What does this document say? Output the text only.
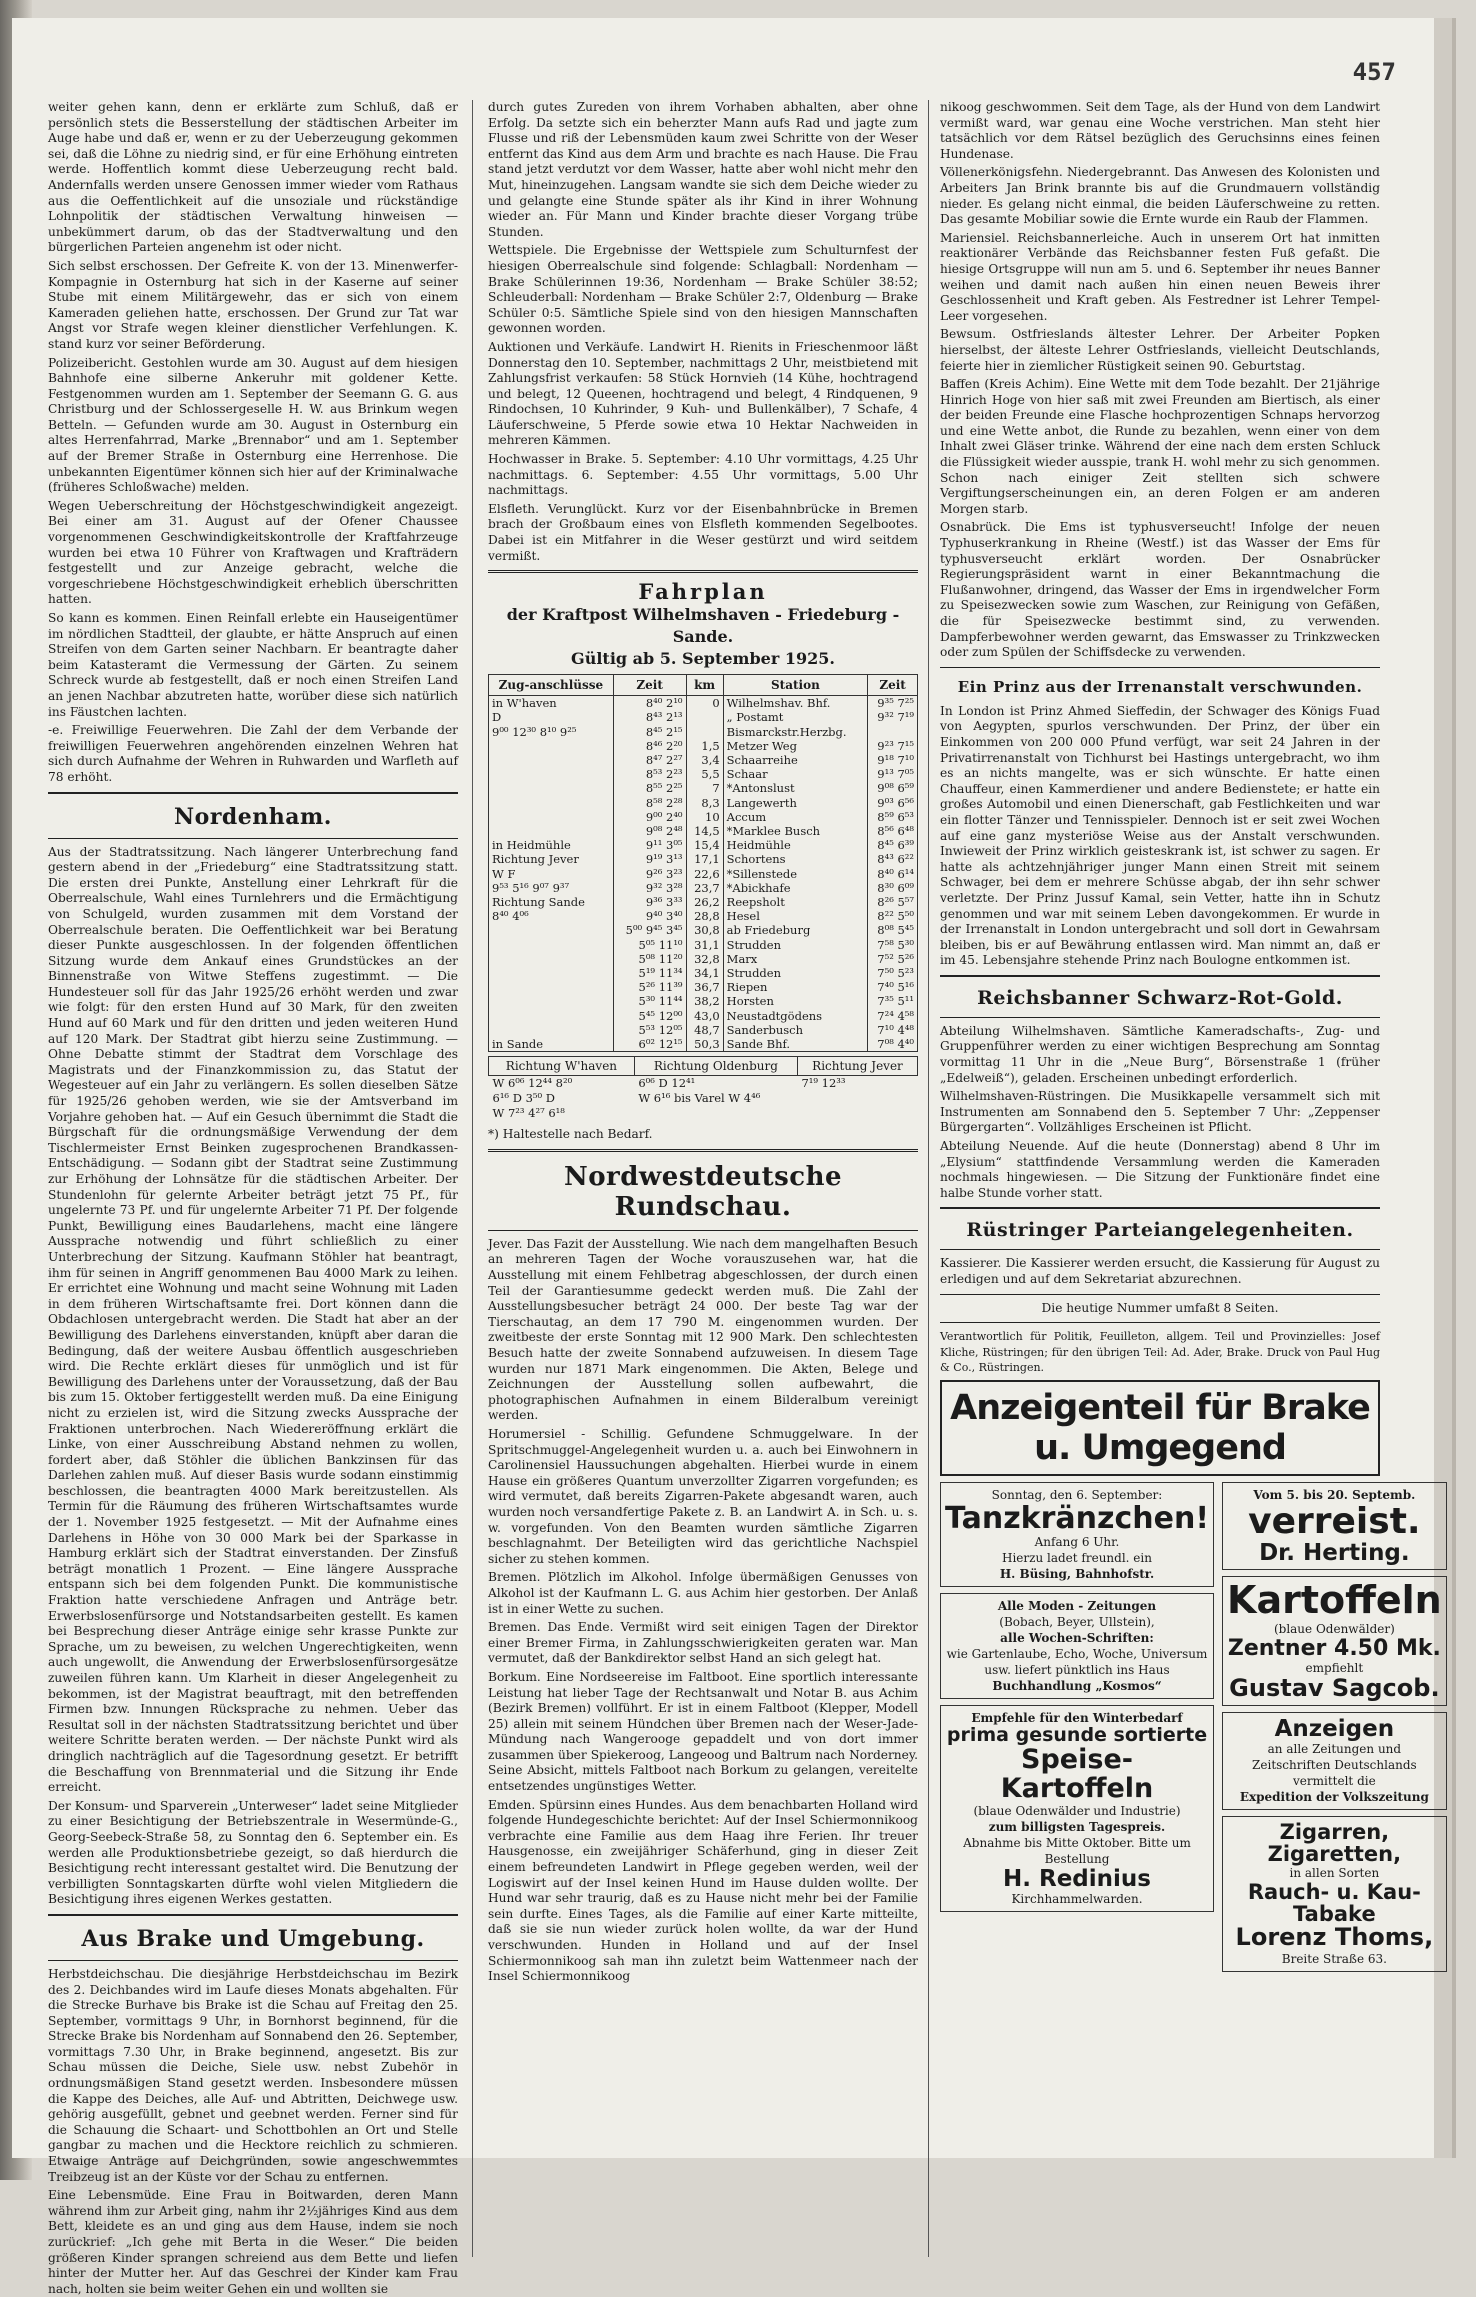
457

weiter gehen kann, denn er erklärte zum Schluß, daß er persönlich stets die Besserstellung der städtischen Arbeiter im Auge habe und daß er, wenn er zu der Ueberzeugung gekommen sei, daß die Löhne zu niedrig sind, er für eine Erhöhung eintreten werde. Hoffentlich kommt diese Ueberzeugung recht bald. Andernfalls werden unsere Genossen immer wieder vom Rathaus aus die Oeffentlichkeit auf die unsoziale und rückständige Lohnpolitik der städtischen Verwaltung hinweisen — unbekümmert darum, ob das der Stadtverwaltung und den bürgerlichen Parteien angenehm ist oder nicht.

Sich selbst erschossen. Der Gefreite K. von der 13. Minenwerfer-Kompagnie in Osternburg hat sich in der Kaserne auf seiner Stube mit einem Militärgewehr, das er sich von einem Kameraden geliehen hatte, erschossen. Der Grund zur Tat war Angst vor Strafe wegen kleiner dienstlicher Verfehlungen. K. stand kurz vor seiner Beförderung.

Polizeibericht. Gestohlen wurde am 30. August auf dem hiesigen Bahnhofe eine silberne Ankeruhr mit goldener Kette. Festgenommen wurden am 1. September der Seemann G. G. aus Christburg und der Schlossergeselle H. W. aus Brinkum wegen Betteln. — Gefunden wurde am 30. August in Osternburg ein altes Herrenfahrrad, Marke „Brennabor“ und am 1. September auf der Bremer Straße in Osternburg eine Herrenhose. Die unbekannten Eigentümer können sich hier auf der Kriminalwache (früheres Schloßwache) melden.

Wegen Ueberschreitung der Höchstgeschwindigkeit angezeigt. Bei einer am 31. August auf der Ofener Chaussee vorgenommenen Geschwindigkeitskontrolle der Kraftfahrzeuge wurden bei etwa 10 Führer von Kraftwagen und Krafträdern festgestellt und zur Anzeige gebracht, welche die vorgeschriebene Höchstgeschwindigkeit erheblich überschritten hatten.

So kann es kommen. Einen Reinfall erlebte ein Hauseigentümer im nördlichen Stadtteil, der glaubte, er hätte Anspruch auf einen Streifen von dem Garten seiner Nachbarn. Er beantragte daher beim Katasteramt die Vermessung der Gärten. Zu seinem Schreck wurde ab festgestellt, daß er noch einen Streifen Land an jenen Nachbar abzutreten hatte, worüber diese sich natürlich ins Fäustchen lachten.

-e. Freiwillige Feuerwehren. Die Zahl der dem Verbande der freiwilligen Feuerwehren angehörenden einzelnen Wehren hat sich durch Aufnahme der Wehren in Ruhwarden und Warfleth auf 78 erhöht.

Nordenham.

Aus der Stadtratssitzung. Nach längerer Unterbrechung fand gestern abend in der „Friedeburg“ eine Stadtratssitzung statt. Die ersten drei Punkte, Anstellung einer Lehrkraft für die Oberrealschule, Wahl eines Turnlehrers und die Ermächtigung von Schulgeld, wurden zusammen mit dem Vorstand der Oberrealschule beraten. Die Oeffentlichkeit war bei Beratung dieser Punkte ausgeschlossen. In der folgenden öffentlichen Sitzung wurde dem Ankauf eines Grundstückes an der Binnenstraße von Witwe Steffens zugestimmt. — Die Hundesteuer soll für das Jahr 1925/26 erhöht werden und zwar wie folgt: für den ersten Hund auf 30 Mark, für den zweiten Hund auf 60 Mark und für den dritten und jeden weiteren Hund auf 120 Mark. Der Stadtrat gibt hierzu seine Zustimmung. — Ohne Debatte stimmt der Stadtrat dem Vorschlage des Magistrats und der Finanzkommission zu, das Statut der Wegesteuer auf ein Jahr zu verlängern. Es sollen dieselben Sätze für 1925/26 gehoben werden, wie sie der Amtsverband im Vorjahre gehoben hat. — Auf ein Gesuch übernimmt die Stadt die Bürgschaft für die ordnungsmäßige Verwendung der dem Tischlermeister Ernst Beinken zugesprochenen Brandkassen-Entschädigung. — Sodann gibt der Stadtrat seine Zustimmung zur Erhöhung der Lohnsätze für die städtischen Arbeiter. Der Stundenlohn für gelernte Arbeiter beträgt jetzt 75 Pf., für ungelernte 73 Pf. und für ungelernte Arbeiter 71 Pf. Der folgende Punkt, Bewilligung eines Baudarlehens, macht eine längere Aussprache notwendig und führt schließlich zu einer Unterbrechung der Sitzung. Kaufmann Stöhler hat beantragt, ihm für seinen in Angriff genommenen Bau 4000 Mark zu leihen. Er errichtet eine Wohnung und macht seine Wohnung mit Laden in dem früheren Wirtschaftsamte frei. Dort können dann die Obdachlosen untergebracht werden. Die Stadt hat aber an der Bewilligung des Darlehens einverstanden, knüpft aber daran die Bedingung, daß der weitere Ausbau öffentlich ausgeschrieben wird. Die Rechte erklärt dieses für unmöglich und ist für Bewilligung des Darlehens unter der Voraussetzung, daß der Bau bis zum 15. Oktober fertiggestellt werden muß. Da eine Einigung nicht zu erzielen ist, wird die Sitzung zwecks Aussprache der Fraktionen unterbrochen. Nach Wiedereröffnung erklärt die Linke, von einer Ausschreibung Abstand nehmen zu wollen, fordert aber, daß Stöhler die üblichen Bankzinsen für das Darlehen zahlen muß. Auf dieser Basis wurde sodann einstimmig beschlossen, die beantragten 4000 Mark bereitzustellen. Als Termin für die Räumung des früheren Wirtschaftsamtes wurde der 1. November 1925 festgesetzt. — Mit der Aufnahme eines Darlehens in Höhe von 30 000 Mark bei der Sparkasse in Hamburg erklärt sich der Stadtrat einverstanden. Der Zinsfuß beträgt monatlich 1 Prozent. — Eine längere Aussprache entspann sich bei dem folgenden Punkt. Die kommunistische Fraktion hatte verschiedene Anfragen und Anträge betr. Erwerbslosenfürsorge und Notstandsarbeiten gestellt. Es kamen bei Besprechung dieser Anträge einige sehr krasse Punkte zur Sprache, um zu beweisen, zu welchen Ungerechtigkeiten, wenn auch ungewollt, die Anwendung der Erwerbslosenfürsorgesätze zuweilen führen kann. Um Klarheit in dieser Angelegenheit zu bekommen, ist der Magistrat beauftragt, mit den betreffenden Firmen bzw. Innungen Rücksprache zu nehmen. Ueber das Resultat soll in der nächsten Stadtratssitzung berichtet und über weitere Schritte beraten werden. — Der nächste Punkt wird als dringlich nachträglich auf die Tagesordnung gesetzt. Er betrifft die Beschaffung von Brennmaterial und die Sitzung ihr Ende erreicht.

Der Konsum- und Sparverein „Unterweser“ ladet seine Mitglieder zu einer Besichtigung der Betriebszentrale in Wesermünde-G., Georg-Seebeck-Straße 58, zu Sonntag den 6. September ein. Es werden alle Produktionsbetriebe gezeigt, so daß hierdurch die Besichtigung recht interessant gestaltet wird. Die Benutzung der verbilligten Sonntagskarten dürfte wohl vielen Mitgliedern die Besichtigung ihres eigenen Werkes gestatten.

Aus Brake und Umgebung.

Herbstdeichschau. Die diesjährige Herbstdeichschau im Bezirk des 2. Deichbandes wird im Laufe dieses Monats abgehalten. Für die Strecke Burhave bis Brake ist die Schau auf Freitag den 25. September, vormittags 9 Uhr, in Bornhorst beginnend, für die Strecke Brake bis Nordenham auf Sonnabend den 26. September, vormittags 7.30 Uhr, in Brake beginnend, angesetzt. Bis zur Schau müssen die Deiche, Siele usw. nebst Zubehör in ordnungsmäßigen Stand gesetzt werden. Insbesondere müssen die Kappe des Deiches, alle Auf- und Abtritten, Deichwege usw. gehörig ausgefüllt, gebnet und geebnet werden. Ferner sind für die Schauung die Schaart- und Schottbohlen an Ort und Stelle gangbar zu machen und die Hecktore reichlich zu schmieren. Etwaige Anträge auf Deichgründen, sowie angeschwemmtes Treibzeug ist an der Küste vor der Schau zu entfernen.

Eine Lebensmüde. Eine Frau in Boitwarden, deren Mann während ihm zur Arbeit ging, nahm ihr 2½jähriges Kind aus dem Bett, kleidete es an und ging aus dem Hause, indem sie noch zurückrief: „Ich gehe mit Berta in die Weser.“ Die beiden größeren Kinder sprangen schreiend aus dem Bette und liefen hinter der Mutter her. Auf das Geschrei der Kinder kam Frau nach, holten sie beim weiter Gehen ein und wollten sie

durch gutes Zureden von ihrem Vorhaben abhalten, aber ohne Erfolg. Da setzte sich ein beherzter Mann aufs Rad und jagte zum Flusse und riß der Lebensmüden kaum zwei Schritte von der Weser entfernt das Kind aus dem Arm und brachte es nach Hause. Die Frau stand jetzt verdutzt vor dem Wasser, hatte aber wohl nicht mehr den Mut, hineinzugehen. Langsam wandte sie sich dem Deiche wieder zu und gelangte eine Stunde später als ihr Kind in ihrer Wohnung wieder an. Für Mann und Kinder brachte dieser Vorgang trübe Stunden.

Wettspiele. Die Ergebnisse der Wettspiele zum Schulturnfest der hiesigen Oberrealschule sind folgende: Schlagball: Nordenham — Brake Schülerinnen 19:36, Nordenham — Brake Schüler 38:52; Schleuderball: Nordenham — Brake Schüler 2:7, Oldenburg — Brake Schüler 0:5. Sämtliche Spiele sind von den hiesigen Mannschaften gewonnen worden.

Auktionen und Verkäufe. Landwirt H. Rienits in Frieschenmoor läßt Donnerstag den 10. September, nachmittags 2 Uhr, meistbietend mit Zahlungsfrist verkaufen: 58 Stück Hornvieh (14 Kühe, hochtragend und belegt, 12 Queenen, hochtragend und belegt, 4 Rindquenen, 9 Rindochsen, 10 Kuhrinder, 9 Kuh- und Bullenkälber), 7 Schafe, 4 Läuferschweine, 5 Pferde sowie etwa 10 Hektar Nachweiden in mehreren Kämmen.

Hochwasser in Brake. 5. September: 4.10 Uhr vormittags, 4.25 Uhr nachmittags. 6. September: 4.55 Uhr vormittags, 5.00 Uhr nachmittags.

Elsfleth. Verunglückt. Kurz vor der Eisenbahnbrücke in Bremen brach der Großbaum eines von Elsfleth kommenden Segelbootes. Dabei ist ein Mitfahrer in die Weser gestürzt und wird seitdem vermißt.

Fahrplan
der Kraftpost Wilhelmshaven - Friedeburg - Sande.
Gültig ab 5. September 1925.
Zug-anschlüsse	Zeit	km	Station	Zeit
in W'haven	8⁴⁰ 2¹⁰	0	Wilhelmshav. Bhf.	9³⁵ 7²⁵
D	8⁴³ 2¹³		„ Postamt	9³² 7¹⁹
9⁰⁰ 12³⁰ 8¹⁰ 9²⁵	8⁴⁵ 2¹⁵		Bismarckstr.Herzbg.	
	8⁴⁶ 2²⁰	1,5	Metzer Weg	9²³ 7¹⁵
	8⁴⁷ 2²⁷	3,4	Schaarreihe	9¹⁸ 7¹⁰
	8⁵³ 2²³	5,5	Schaar	9¹³ 7⁰⁵
	8⁵⁵ 2²⁵	7	*Antonslust	9⁰⁸ 6⁵⁹
	8⁵⁸ 2²⁸	8,3	Langewerth	9⁰³ 6⁵⁶
	9⁰⁰ 2⁴⁰	10	Accum	8⁵⁹ 6⁵³
	9⁰⁸ 2⁴⁸	14,5	*Marklee Busch	8⁵⁶ 6⁴⁸
in Heidmühle	9¹¹ 3⁰⁵	15,4	Heidmühle	8⁴⁵ 6³⁹
Richtung Jever	9¹⁹ 3¹³	17,1	Schortens	8⁴³ 6²²
W F	9²⁶ 3²³	22,6	*Sillenstede	8⁴⁰ 6¹⁴
9⁵³ 5¹⁶ 9⁰⁷ 9³⁷	9³² 3²⁸	23,7	*Abickhafe	8³⁰ 6⁰⁹
Richtung Sande	9³⁶ 3³³	26,2	Reepsholt	8²⁶ 5⁵⁷
8⁴⁰ 4⁰⁶	9⁴⁰ 3⁴⁰	28,8	Hesel	8²² 5⁵⁰
	5⁰⁰ 9⁴⁵ 3⁴⁵	30,8	ab Friedeburg	8⁰⁸ 5⁴⁵
	5⁰⁵ 11¹⁰	31,1	Strudden	7⁵⁸ 5³⁰
	5⁰⁸ 11²⁰	32,8	Marx	7⁵² 5²⁶
	5¹⁹ 11³⁴	34,1	Strudden	7⁵⁰ 5²³
	5²⁶ 11³⁹	36,7	Riepen	7⁴⁰ 5¹⁶
	5³⁰ 11⁴⁴	38,2	Horsten	7³⁵ 5¹¹
	5⁴⁵ 12⁰⁰	43,0	Neustadtgödens	7²⁴ 4⁵⁸
	5⁵³ 12⁰⁵	48,7	Sanderbusch	7¹⁰ 4⁴⁸
in Sande	6⁰² 12¹⁵	50,3	Sande Bhf.	7⁰⁸ 4⁴⁰
Richtung W'haven	Richtung Oldenburg	Richtung Jever
W 6⁰⁶ 12⁴⁴ 8²⁰	6⁰⁶ D 12⁴¹	7¹⁹ 12³³
6¹⁶ D 3⁵⁰ D	W 6¹⁶ bis Varel W 4⁴⁶	
W 7²³ 4²⁷ 6¹⁸		

*) Haltestelle nach Bedarf.

Nordwestdeutsche Rundschau.

Jever. Das Fazit der Ausstellung. Wie nach dem mangelhaften Besuch an mehreren Tagen der Woche vorauszusehen war, hat die Ausstellung mit einem Fehlbetrag abgeschlossen, der durch einen Teil der Garantiesumme gedeckt werden muß. Die Zahl der Ausstellungsbesucher beträgt 24 000. Der beste Tag war der Tierschautag, an dem 17 790 M. eingenommen wurden. Der zweitbeste der erste Sonntag mit 12 900 Mark. Den schlechtesten Besuch hatte der zweite Sonnabend aufzuweisen. In diesem Tage wurden nur 1871 Mark eingenommen. Die Akten, Belege und Zeichnungen der Ausstellung sollen aufbewahrt, die photographischen Aufnahmen in einem Bilderalbum vereinigt werden.

Horumersiel - Schillig. Gefundene Schmuggelware. In der Spritschmuggel-Angelegenheit wurden u. a. auch bei Einwohnern in Carolinensiel Haussuchungen abgehalten. Hierbei wurde in einem Hause ein größeres Quantum unverzollter Zigarren vorgefunden; es wird vermutet, daß bereits Zigarren-Pakete abgesandt waren, auch wurden noch versandfertige Pakete z. B. an Landwirt A. in Sch. u. s. w. vorgefunden. Von den Beamten wurden sämtliche Zigarren beschlagnahmt. Der Beteiligten wird das gerichtliche Nachspiel sicher zu stehen kommen.

Bremen. Plötzlich im Alkohol. Infolge übermäßigen Genusses von Alkohol ist der Kaufmann L. G. aus Achim hier gestorben. Der Anlaß ist in einer Wette zu suchen.

Bremen. Das Ende. Vermißt wird seit einigen Tagen der Direktor einer Bremer Firma, in Zahlungsschwierigkeiten geraten war. Man vermutet, daß der Bankdirektor selbst Hand an sich gelegt hat.

Borkum. Eine Nordseereise im Faltboot. Eine sportlich interessante Leistung hat lieber Tage der Rechtsanwalt und Notar B. aus Achim (Bezirk Bremen) vollführt. Er ist in einem Faltboot (Klepper, Modell 25) allein mit seinem Hündchen über Bremen nach der Weser-Jade-Mündung nach Wangerooge gepaddelt und von dort immer zusammen über Spiekeroog, Langeoog und Baltrum nach Norderney. Seine Absicht, mittels Faltboot nach Borkum zu gelangen, vereitelte entsetzendes ungünstiges Wetter.

Emden. Spürsinn eines Hundes. Aus dem benachbarten Holland wird folgende Hundegeschichte berichtet: Auf der Insel Schiermonnikoog verbrachte eine Familie aus dem Haag ihre Ferien. Ihr treuer Hausgenosse, ein zweijähriger Schäferhund, ging in dieser Zeit einem befreundeten Landwirt in Pflege gegeben werden, weil der Logiswirt auf der Insel keinen Hund im Hause dulden wollte. Der Hund war sehr traurig, daß es zu Hause nicht mehr bei der Familie sein durfte. Eines Tages, als die Familie auf einer Karte mitteilte, daß sie sie nun wieder zurück holen wollte, da war der Hund verschwunden. Hunden in Holland und auf der Insel Schiermonnikoog sah man ihn zuletzt beim Wattenmeer nach der Insel Schiermonnikoog

nikoog geschwommen. Seit dem Tage, als der Hund von dem Landwirt vermißt ward, war genau eine Woche verstrichen. Man steht hier tatsächlich vor dem Rätsel bezüglich des Geruchsinns eines feinen Hundenase.

Völlenerkönigsfehn. Niedergebrannt. Das Anwesen des Kolonisten und Arbeiters Jan Brink brannte bis auf die Grundmauern vollständig nieder. Es gelang nicht einmal, die beiden Läuferschweine zu retten. Das gesamte Mobiliar sowie die Ernte wurde ein Raub der Flammen.

Mariensiel. Reichsbannerleiche. Auch in unserem Ort hat inmitten reaktionärer Verbände das Reichsbanner festen Fuß gefaßt. Die hiesige Ortsgruppe will nun am 5. und 6. September ihr neues Banner weihen und damit nach außen hin einen neuen Beweis ihrer Geschlossenheit und Kraft geben. Als Festredner ist Lehrer Tempel-Leer vorgesehen.

Bewsum. Ostfrieslands ältester Lehrer. Der Arbeiter Popken hierselbst, der älteste Lehrer Ostfrieslands, vielleicht Deutschlands, feierte hier in ziemlicher Rüstigkeit seinen 90. Geburtstag.

Baffen (Kreis Achim). Eine Wette mit dem Tode bezahlt. Der 21jährige Hinrich Hoge von hier saß mit zwei Freunden am Biertisch, als einer der beiden Freunde eine Flasche hochprozentigen Schnaps hervorzog und eine Wette anbot, die Runde zu bezahlen, wenn einer von dem Inhalt zwei Gläser trinke. Während der eine nach dem ersten Schluck die Flüssigkeit wieder ausspie, trank H. wohl mehr zu sich genommen. Schon nach einiger Zeit stellten sich schwere Vergiftungserscheinungen ein, an deren Folgen er am anderen Morgen starb.

Osnabrück. Die Ems ist typhusverseucht! Infolge der neuen Typhuserkrankung in Rheine (Westf.) ist das Wasser der Ems für typhusverseucht erklärt worden. Der Osnabrücker Regierungspräsident warnt in einer Bekanntmachung die Flußanwohner, dringend, das Wasser der Ems in irgendwelcher Form zu Speisezwecken sowie zum Waschen, zur Reinigung von Gefäßen, die für Speisezwecke bestimmt sind, zu verwenden. Dampferbewohner werden gewarnt, das Emswasser zu Trinkzwecken oder zum Spülen der Schiffsdecke zu verwenden.

Ein Prinz aus der Irrenanstalt verschwunden.

In London ist Prinz Ahmed Sieffedin, der Schwager des Königs Fuad von Aegypten, spurlos verschwunden. Der Prinz, der über ein Einkommen von 200 000 Pfund verfügt, war seit 24 Jahren in der Privatirrenanstalt von Tichhurst bei Hastings untergebracht, wo ihm es an nichts mangelte, was er sich wünschte. Er hatte einen Chauffeur, einen Kammerdiener und andere Bedienstete; er hatte ein großes Automobil und einen Dienerschaft, gab Festlichkeiten und war ein flotter Tänzer und Tennisspieler. Dennoch ist er seit zwei Wochen auf eine ganz mysteriöse Weise aus der Anstalt verschwunden. Inwieweit der Prinz wirklich geisteskrank ist, ist schwer zu sagen. Er hatte als achtzehnjähriger junger Mann einen Streit mit seinem Schwager, bei dem er mehrere Schüsse abgab, der ihn sehr schwer verletzte. Der Prinz Jussuf Kamal, sein Vetter, hatte ihn in Schutz genommen und war mit seinem Leben davongekommen. Er wurde in der Irrenanstalt in London untergebracht und soll dort in Gewahrsam bleiben, bis er auf Bewährung entlassen wird. Man nimmt an, daß er im 45. Lebensjahre stehende Prinz nach Boulogne entkommen ist.

Reichsbanner Schwarz-Rot-Gold.

Abteilung Wilhelmshaven. Sämtliche Kameradschafts-, Zug- und Gruppenführer werden zu einer wichtigen Besprechung am Sonntag vormittag 11 Uhr in die „Neue Burg“, Börsenstraße 1 (früher „Edelweiß“), geladen. Erscheinen unbedingt erforderlich.

Wilhelmshaven-Rüstringen. Die Musikkapelle versammelt sich mit Instrumenten am Sonnabend den 5. September 7 Uhr: „Zeppenser Bürgergarten“. Vollzähliges Erscheinen ist Pflicht.

Abteilung Neuende. Auf die heute (Donnerstag) abend 8 Uhr im „Elysium“ stattfindende Versammlung werden die Kameraden nochmals hingewiesen. — Die Sitzung der Funktionäre findet eine halbe Stunde vorher statt.

Rüstringer Parteiangelegenheiten.

Kassierer. Die Kassierer werden ersucht, die Kassierung für August zu erledigen und auf dem Sekretariat abzurechnen.

Die heutige Nummer umfaßt 8 Seiten.

Verantwortlich für Politik, Feuilleton, allgem. Teil und Provinzielles: Josef Kliche, Rüstringen; für den übrigen Teil: Ad. Ader, Brake. Druck von Paul Hug & Co., Rüstringen.

Anzeigenteil für Brake u. Umgegend
Sonntag, den 6. September:
Tanzkränzchen!
Anfang 6 Uhr.
Hierzu ladet freundl. ein
H. Büsing, Bahnhofstr.
Alle Moden - Zeitungen
(Bobach, Beyer, Ullstein),
alle Wochen-Schriften:
wie Gartenlaube, Echo, Woche, Universum usw. liefert pünktlich ins Haus
Buchhandlung „Kosmos“
Empfehle für den Winterbedarf
prima gesunde sortierte
Speise-Kartoffeln
(blaue Odenwälder und Industrie)
zum billigsten Tagespreis.
Abnahme bis Mitte Oktober. Bitte um Bestellung
H. Redinius
Kirchhammelwarden.
Vom 5. bis 20. Septemb.
verreist.
Dr. Herting.
Kartoffeln
(blaue Odenwälder)
Zentner 4.50 Mk.
empfiehlt
Gustav Sagcob.
Anzeigen
an alle Zeitungen und Zeitschriften Deutschlands vermittelt die
Expedition der Volkszeitung
Zigarren, Zigaretten,
in allen Sorten
Rauch- u. Kau-Tabake
Lorenz Thoms,
Breite Straße 63.
